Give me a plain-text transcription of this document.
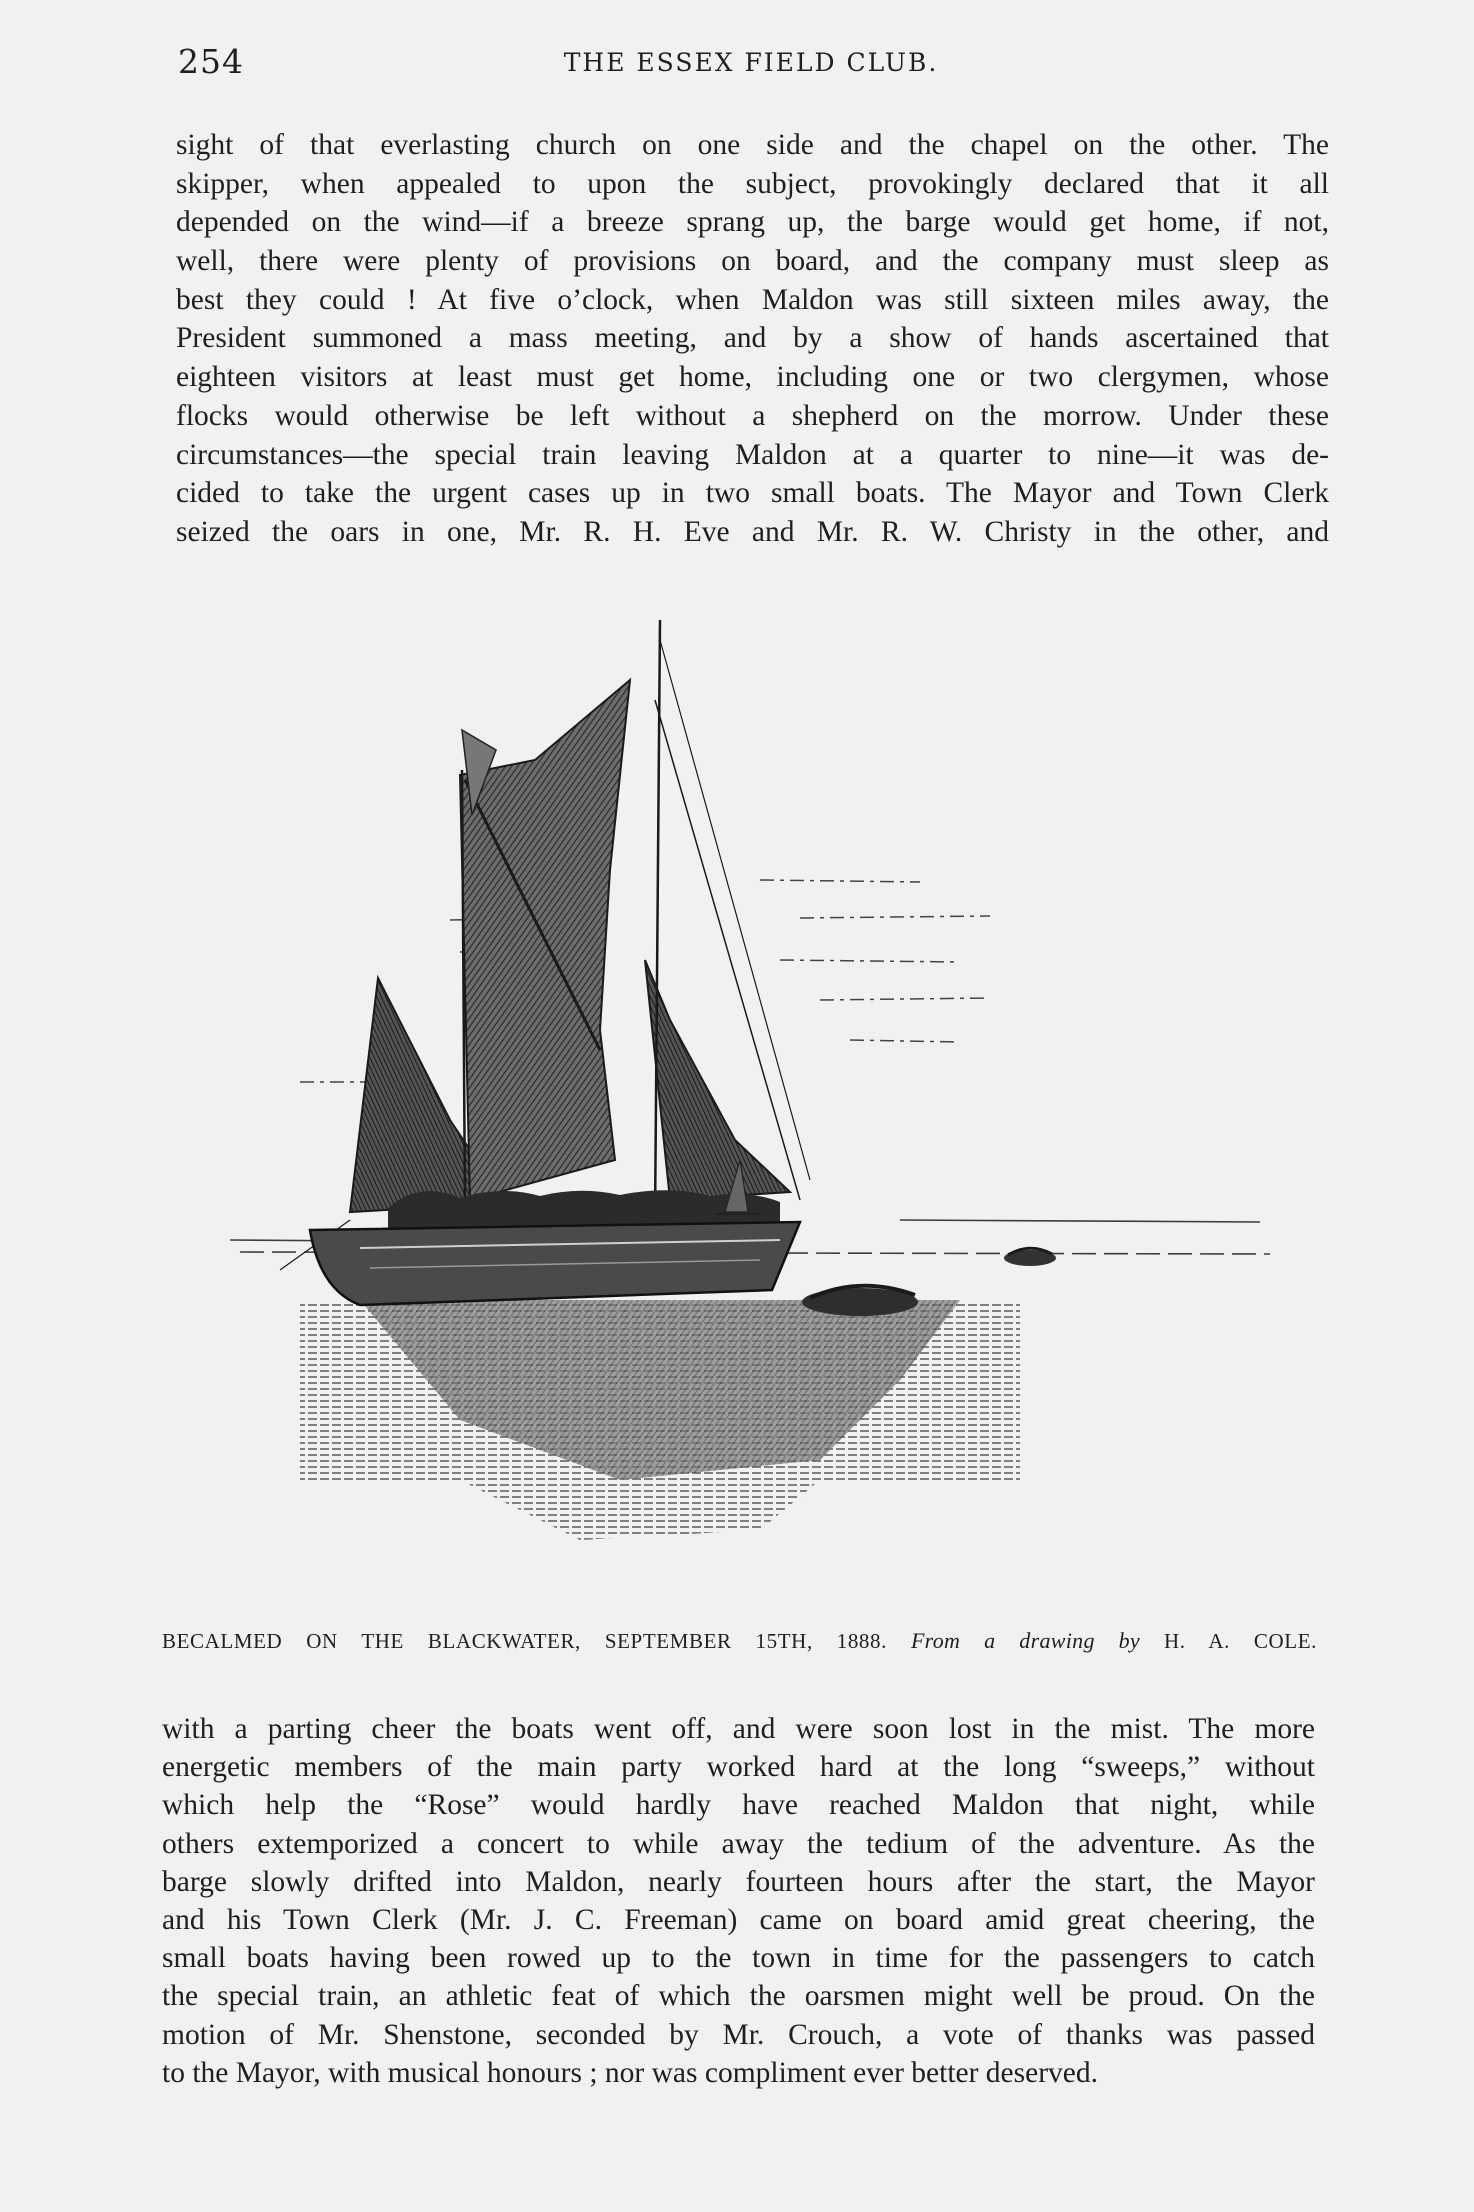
254	THE ESSEX FIELD CLUB.
sight of that everlasting church on one side and the chapel on the other. The
skipper, when appealed to upon the subject, provokingly declared that it all
depended on the wind—if a breeze sprang up, the barge would get home, if not,
well, there were plenty of provisions on board, and the company must sleep as
best they could ! At five o’clock, when Maldon was still sixteen miles away, the
President summoned a mass meeting, and by a show of hands ascertained that
eighteen visitors at least must get home, including one or two clergymen, whose
flocks would otherwise be left without a shepherd on the morrow. Under these
circumstances—the special train leaving Maldon at a quarter to nine—it was de-
cided to take the urgent cases up in two small boats. The Mayor and Town Clerk
seized the oars in one, Mr. R. H. Eve and Mr. R. W. Christy in the other, and
BECALMED ON THE BLACKWATER, SEPTEMBER 15TH, 1888. From a drawing by H. A. COLE.
with a parting cheer the boats went off, and were soon lost in the mist. The more
energetic members of the main party worked hard at the long “sweeps,” without
which help the “Rose” would hardly have reached Maldon that night, while
others extemporized a concert to while away the tedium of the adventure. As the
barge slowly drifted into Maldon, nearly fourteen hours after the start, the Mayor
and his Town Clerk (Mr. J. C. Freeman) came on board amid great cheering, the
small boats having been rowed up to the town in time for the passengers to catch
the special train, an athletic feat of which the oarsmen might well be proud. On the
motion of Mr. Shenstone, seconded by Mr. Crouch, a vote of thanks was passed
to the Mayor, with musical honours ; nor was compliment ever better deserved.
